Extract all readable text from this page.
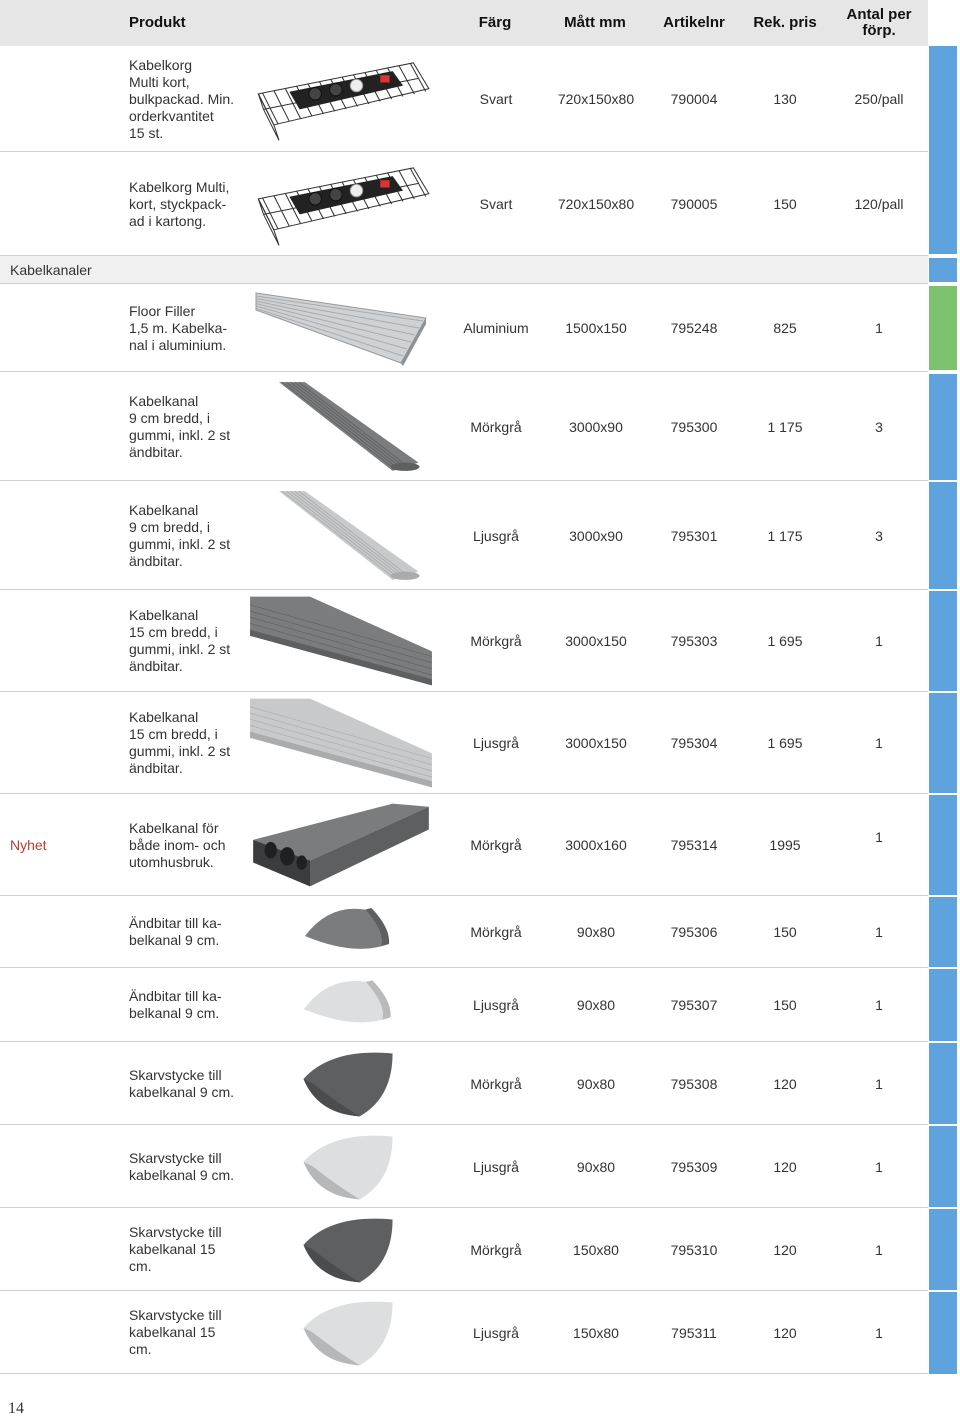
Produkt	Färg	Mått mm	Artikelnr	Rek. pris	Antal per
förp.
Kabelkorg
Multi kort,
bulkpackad. Min.
orderkvantitet
15 st.
Svart	720x150x80	790004	130	250/pall
Kabelkorg Multi,
kort, styckpack-
ad i kartong.
Svart	720x150x80	790005	150	120/pall
Kabelkanaler
Floor Filler
1,5 m. Kabelka-
nal i aluminium.
Aluminium	1500x150	795248	825	1
Kabelkanal
9 cm bredd, i
gummi, inkl. 2 st
ändbitar.
Mörkgrå	3000x90	795300	1 175	3
Kabelkanal
9 cm bredd, i
gummi, inkl. 2 st
ändbitar.
Ljusgrå	3000x90	795301	1 175	3
Kabelkanal
15 cm bredd, i
gummi, inkl. 2 st
ändbitar.
Mörkgrå	3000x150	795303	1 695	1
Kabelkanal
15 cm bredd, i
gummi, inkl. 2 st
ändbitar.
Ljusgrå	3000x150	795304	1 695	1
Nyhet
Kabelkanal för
både inom- och
utomhusbruk.
Mörkgrå	3000x160	795314	1995	1
Ändbitar till ka-
belkanal 9 cm.	Mörkgrå	90x80	795306	150	1
Ändbitar till ka-
belkanal 9 cm.	Ljusgrå	90x80	795307	150	1
Skarvstycke till
kabelkanal 9 cm.	Mörkgrå	90x80	795308	120	1
Skarvstycke till
kabelkanal 9 cm.	Ljusgrå	90x80	795309	120	1
Skarvstycke till
kabelkanal 15
cm.
Mörkgrå	150x80	795310	120	1
Skarvstycke till
kabelkanal 15
cm.
Ljusgrå	150x80	795311	120	1
14
